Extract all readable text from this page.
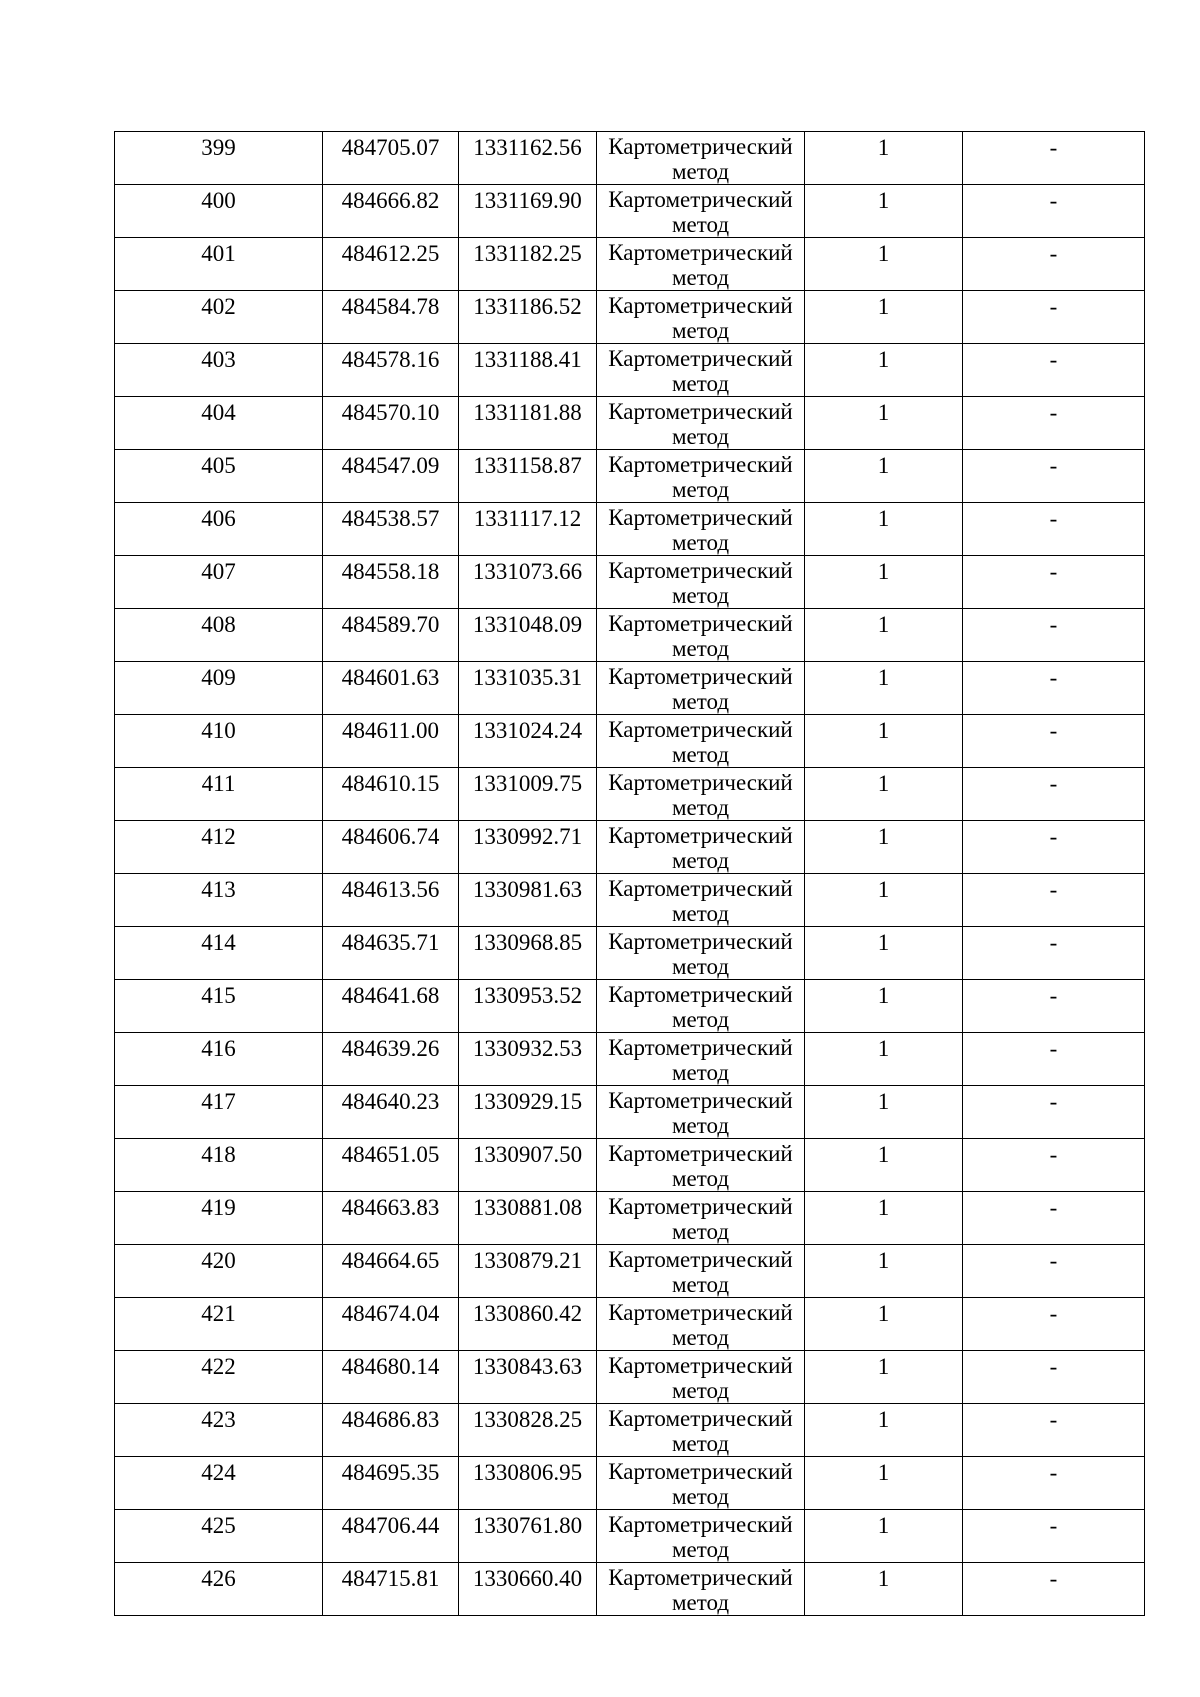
399	484705.07	1331162.56	Картометрический метод	1	-

400	484666.82	1331169.90	Картометрический метод	1	-

401	484612.25	1331182.25	Картометрический метод	1	-

402	484584.78	1331186.52	Картометрический метод	1	-

403	484578.16	1331188.41	Картометрический метод	1	-

404	484570.10	1331181.88	Картометрический метод	1	-

405	484547.09	1331158.87	Картометрический метод	1	-

406	484538.57	1331117.12	Картометрический метод	1	-

407	484558.18	1331073.66	Картометрический метод	1	-

408	484589.70	1331048.09	Картометрический метод	1	-

409	484601.63	1331035.31	Картометрический метод	1	-

410	484611.00	1331024.24	Картометрический метод	1	-

411	484610.15	1331009.75	Картометрический метод	1	-

412	484606.74	1330992.71	Картометрический метод	1	-

413	484613.56	1330981.63	Картометрический метод	1	-

414	484635.71	1330968.85	Картометрический метод	1	-

415	484641.68	1330953.52	Картометрический метод	1	-

416	484639.26	1330932.53	Картометрический метод	1	-

417	484640.23	1330929.15	Картометрический метод	1	-

418	484651.05	1330907.50	Картометрический метод	1	-

419	484663.83	1330881.08	Картометрический метод	1	-

420	484664.65	1330879.21	Картометрический метод	1	-

421	484674.04	1330860.42	Картометрический метод	1	-

422	484680.14	1330843.63	Картометрический метод	1	-

423	484686.83	1330828.25	Картометрический метод	1	-

424	484695.35	1330806.95	Картометрический метод	1	-

425	484706.44	1330761.80	Картометрический метод	1	-

426	484715.81	1330660.40	Картометрический метод	1	-
